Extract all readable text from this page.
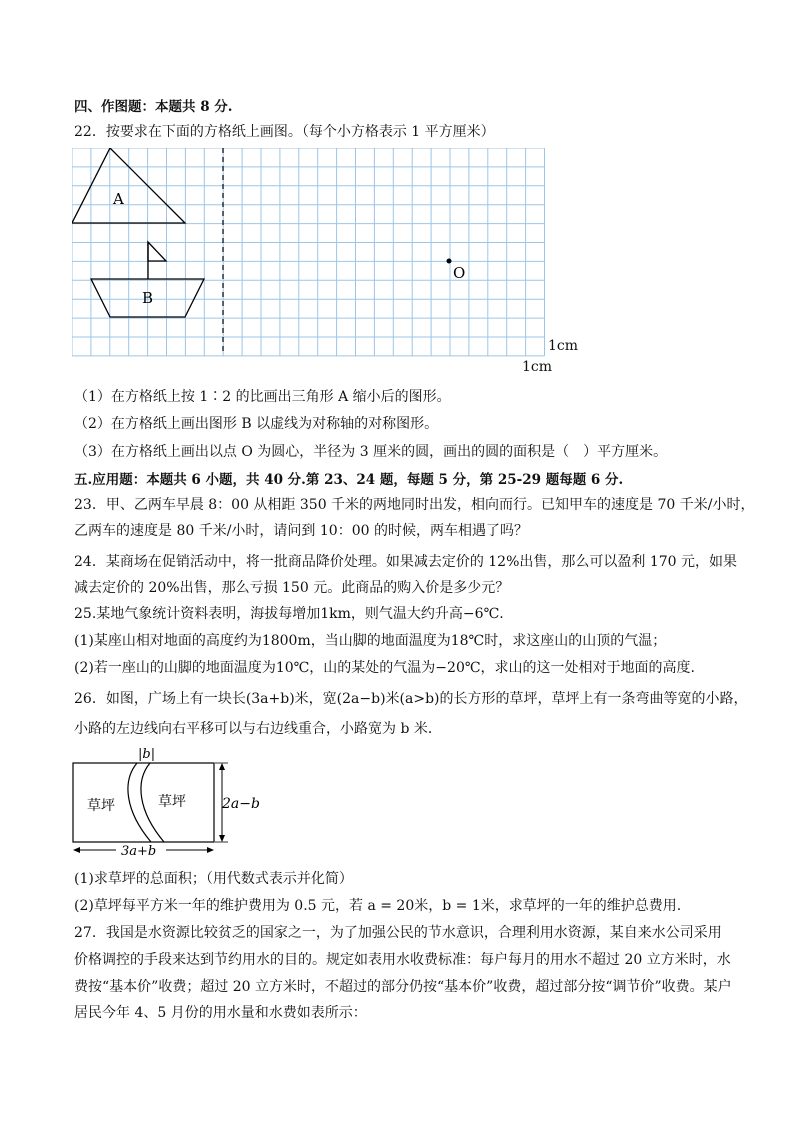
四、作图题：本题共 8 分.
22．按要求在下面的方格纸上画图。（每个小方格表示 1 平方厘米）
A
B
O
1cm
1cm
（1）在方格纸上按 1∶2 的比画出三角形 A 缩小后的图形。
（2）在方格纸上画出图形 B 以虚线为对称轴的对称图形。
（3）在方格纸上画出以点 O 为圆心，半径为 3 厘米的圆，画出的圆的面积是（　）平方厘米。
五.应用题：本题共 6 小题，共 40 分.第 23、24 题，每题 5 分，第 25-29 题每题 6 分.
23．甲、乙两车早晨 8：00 从相距 350 千米的两地同时出发，相向而行。已知甲车的速度是 70 千米/小时，
乙两车的速度是 80 千米/小时，请问到 10：00 的时候，两车相遇了吗？
24．某商场在促销活动中，将一批商品降价处理。如果减去定价的 12%出售，那么可以盈利 170 元，如果
减去定价的 20%出售，那么亏损 150 元。此商品的购入价是多少元？
25.某地气象统计资料表明，海拔每增加1km，则气温大约升高−6℃.
(1)某座山相对地面的高度约为1800m，当山脚的地面温度为18℃时，求这座山的山顶的气温；
(2)若一座山的山脚的地面温度为10℃，山的某处的气温为−20℃，求山的这一处相对于地面的高度.
26．如图，广场上有一块长(3a+b)米，宽(2a−b)米(a>b)的长方形的草坪，草坪上有一条弯曲等宽的小路，
小路的左边线向右平移可以与右边线重合，小路宽为 b 米．
|b|
草坪	草坪	2a−b
3a+b
(1)求草坪的总面积；（用代数式表示并化简）
(2)草坪每平方米一年的维护费用为 0.5 元，若 a = 20米，b = 1米，求草坪的一年的维护总费用.
27．我国是水资源比较贫乏的国家之一，为了加强公民的节水意识，合理利用水资源，某自来水公司采用
价格调控的手段来达到节约用水的目的。规定如表用水收费标准：每户每月的用水不超过 20 立方米时，水
费按“基本价”收费；超过 20 立方米时，不超过的部分仍按“基本价”收费，超过部分按“调节价”收费。某户
居民今年 4、5 月份的用水量和水费如表所示：
